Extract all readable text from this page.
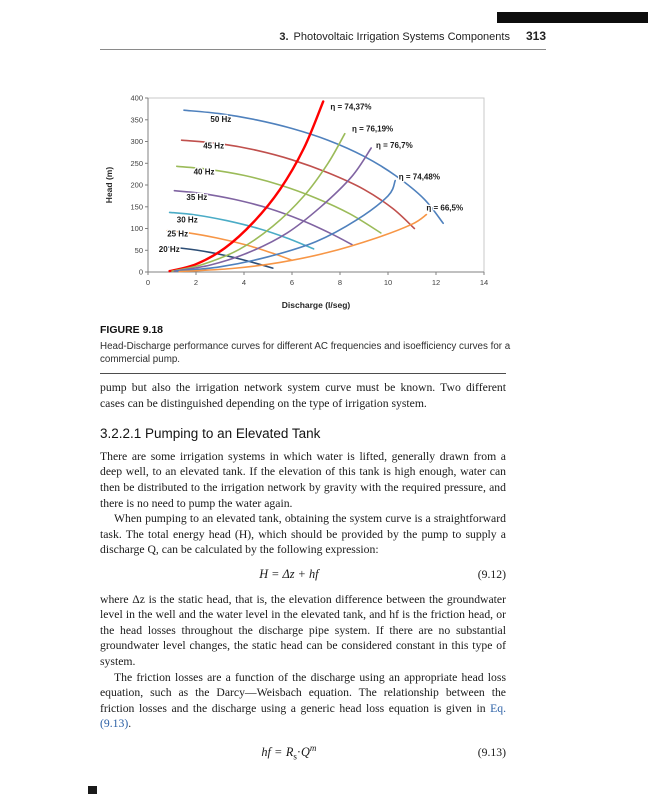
3. Photovoltaic Irrigation Systems Components 313
0	2	4	6	8	10	12	14
0
50
100
150
200
250
300
350
400
50 Hz
45 Hz
40 Hz
35 Hz
30 Hz
25 Hz
20 Hz
η = 74,37%
η = 76,19%
η = 76,7%
η = 74,48%
η = 66,5%
Discharge (l/seg)
Head (m)
FIGURE 9.18
Head-Discharge performance curves for different AC frequencies and isoefficiency curves for a commercial pump.

pump but also the irrigation network system curve must be known. Two different cases can be distinguished depending on the type of irrigation system.

3.2.2.1 Pumping to an Elevated Tank

There are some irrigation systems in which water is lifted, generally drawn from a deep well, to an elevated tank. If the elevation of this tank is high enough, water can then be distributed to the irrigation network by gravity with the required pressure, and there is no need to pump the water again.

When pumping to an elevated tank, obtaining the system curve is a straightforward task. The total energy head (H), which should be provided by the pump to supply a discharge Q, can be calculated by the following expression:

H = Δz + hf	(9.12)

where Δz is the static head, that is, the elevation difference between the groundwater level in the well and the water level in the elevated tank, and hf is the friction head, or the head losses throughout the discharge pipe system. If there are no substantial groundwater level changes, the static head can be considered constant in this type of system.

The friction losses are a function of the discharge using an appropriate head loss equation, such as the Darcy—Weisbach equation. The relationship between the friction losses and the discharge using a generic head loss equation is given in Eq. (9.13).

hf = $R_s\cdot Q^m$	(9.13)
